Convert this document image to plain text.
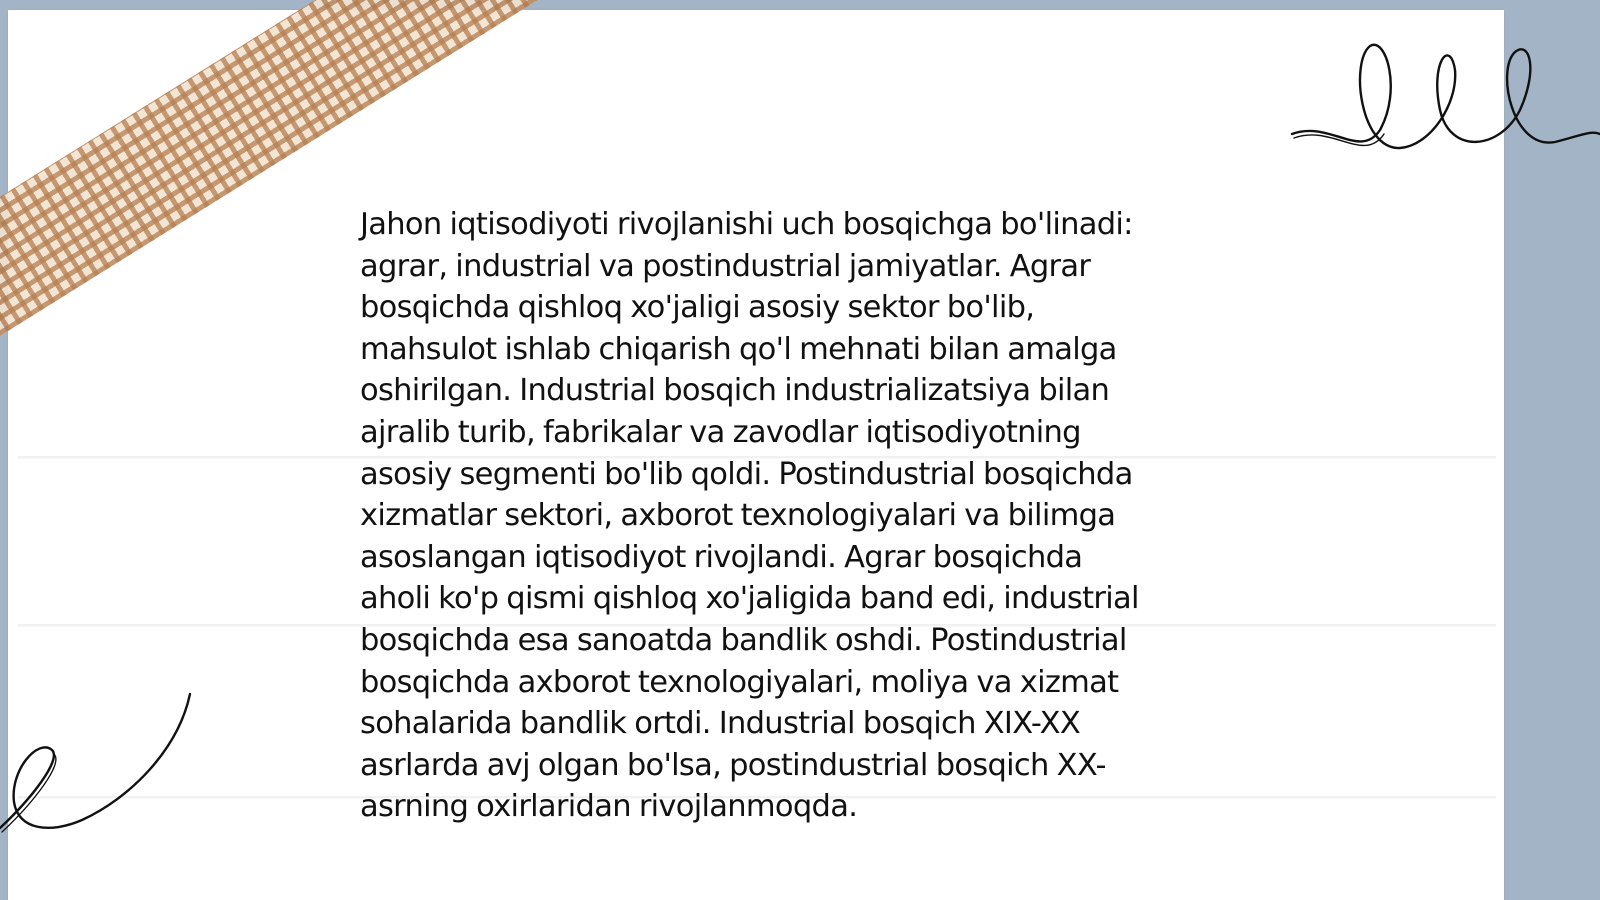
Jahon iqtisodiyoti rivojlanishi uch bosqichga bo'linadi:
agrar, industrial va postindustrial jamiyatlar. Agrar
bosqichda qishloq xo'jaligi asosiy sektor bo'lib,
mahsulot ishlab chiqarish qo'l mehnati bilan amalga
oshirilgan. Industrial bosqich industrializatsiya bilan
ajralib turib, fabrikalar va zavodlar iqtisodiyotning
asosiy segmenti bo'lib qoldi. Postindustrial bosqichda
xizmatlar sektori, axborot texnologiyalari va bilimga
asoslangan iqtisodiyot rivojlandi. Agrar bosqichda
aholi ko'p qismi qishloq xo'jaligida band edi, industrial
bosqichda esa sanoatda bandlik oshdi. Postindustrial
bosqichda axborot texnologiyalari, moliya va xizmat
sohalarida bandlik ortdi. Industrial bosqich XIX-XX
asrlarda avj olgan bo'lsa, postindustrial bosqich XX-
asrning oxirlaridan rivojlanmoqda.
